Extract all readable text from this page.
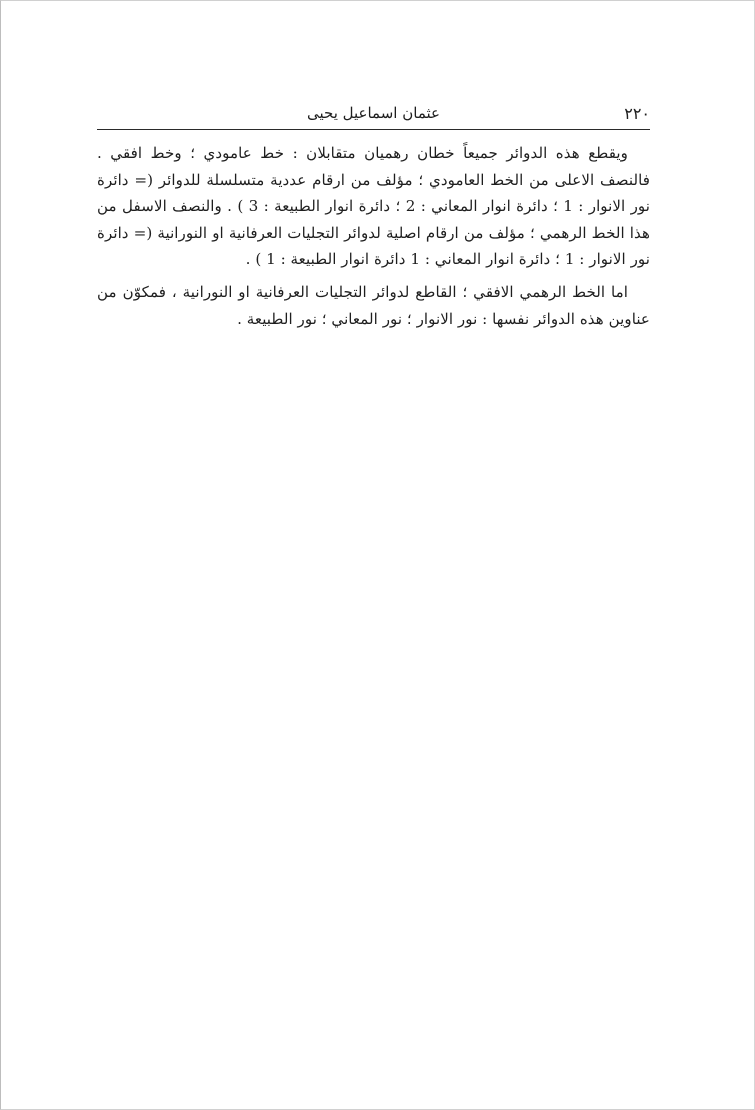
٢٢٠
عثمان اسماعيل يحيى

ويقطع هذه الدوائر جميعاً خطان رهميان متقابلان : خط عامودي ؛ وخط افقي . فالنصف الاعلى من الخط العامودي ؛ مؤلف من ارقام عددية متسلسلة للدوائر (= دائرة نور الانوار : 1 ؛ دائرة انوار المعاني : 2 ؛ دائرة انوار الطبيعة : 3 ) . والنصف الاسفل من هذا الخط الرهمي ؛ مؤلف من ارقام اصلية لدوائر التجليات العرفانية او النورانية (= دائرة نور الانوار : 1 ؛ دائرة انوار المعاني : 1 دائرة انوار الطبيعة : 1 ) .

اما الخط الرهمي الافقي ؛ القاطع لدوائر التجليات العرفانية او النورانية ، فمكوّن من عناوين هذه الدوائر نفسها : نور الانوار ؛ نور المعاني ؛ نور الطبيعة .
